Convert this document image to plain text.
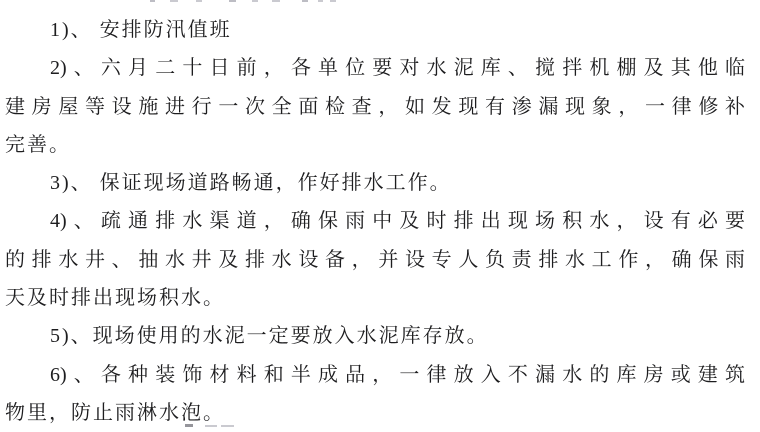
1)、 安排防汛值班
2)、六月二十日前，各单位要对水泥库、搅拌机棚及其他临
建房屋等设施进行一次全面检查，如发现有渗漏现象，一律修补
完善。
3)、 保证现场道路畅通，作好排水工作。
4)、疏通排水渠道，确保雨中及时排出现场积水，设有必要
的排水井、抽水井及排水设备，并设专人负责排水工作，确保雨
天及时排出现场积水。
5)、现场使用的水泥一定要放入水泥库存放。
6)、各种装饰材料和半成品，一律放入不漏水的库房或建筑
物里，防止雨淋水泡。
